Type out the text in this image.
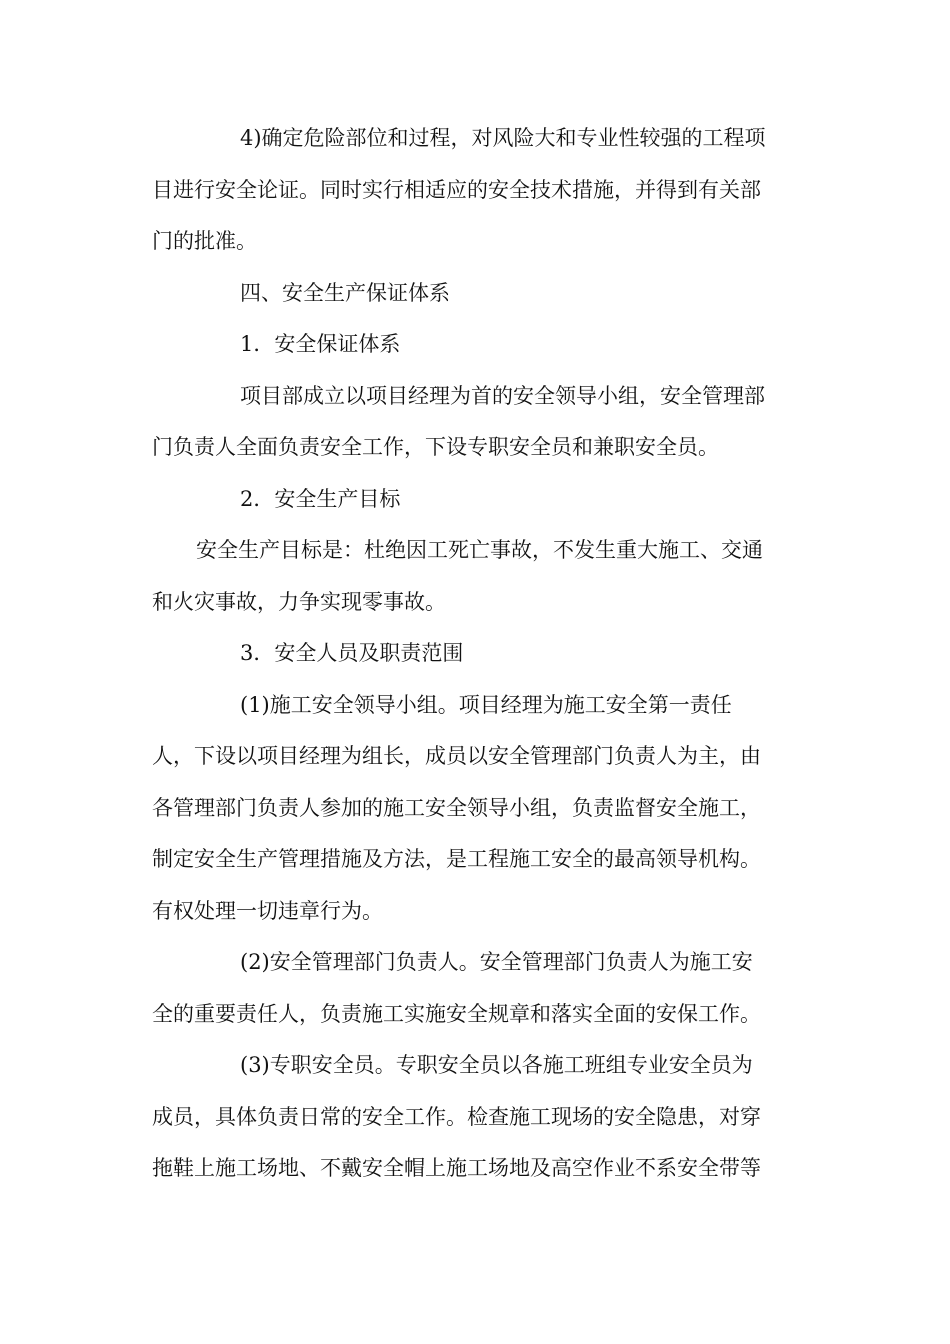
4)确定危险部位和过程，对风险大和专业性较强的工程项
目进行安全论证。同时实行相适应的安全技术措施，并得到有关部
门的批准。
四、安全生产保证体系
1．安全保证体系
项目部成立以项目经理为首的安全领导小组，安全管理部
门负责人全面负责安全工作，下设专职安全员和兼职安全员。
2．安全生产目标
安全生产目标是：杜绝因工死亡事故，不发生重大施工、交通
和火灾事故，力争实现零事故。
3．安全人员及职责范围
(1)施工安全领导小组。项目经理为施工安全第一责任
人，下设以项目经理为组长，成员以安全管理部门负责人为主，由
各管理部门负责人参加的施工安全领导小组，负责监督安全施工，
制定安全生产管理措施及方法，是工程施工安全的最高领导机构。
有权处理一切违章行为。
(2)安全管理部门负责人。安全管理部门负责人为施工安
全的重要责任人，负责施工实施安全规章和落实全面的安保工作。
(3)专职安全员。专职安全员以各施工班组专业安全员为
成员，具体负责日常的安全工作。检查施工现场的安全隐患，对穿
拖鞋上施工场地、不戴安全帽上施工场地及高空作业不系安全带等
